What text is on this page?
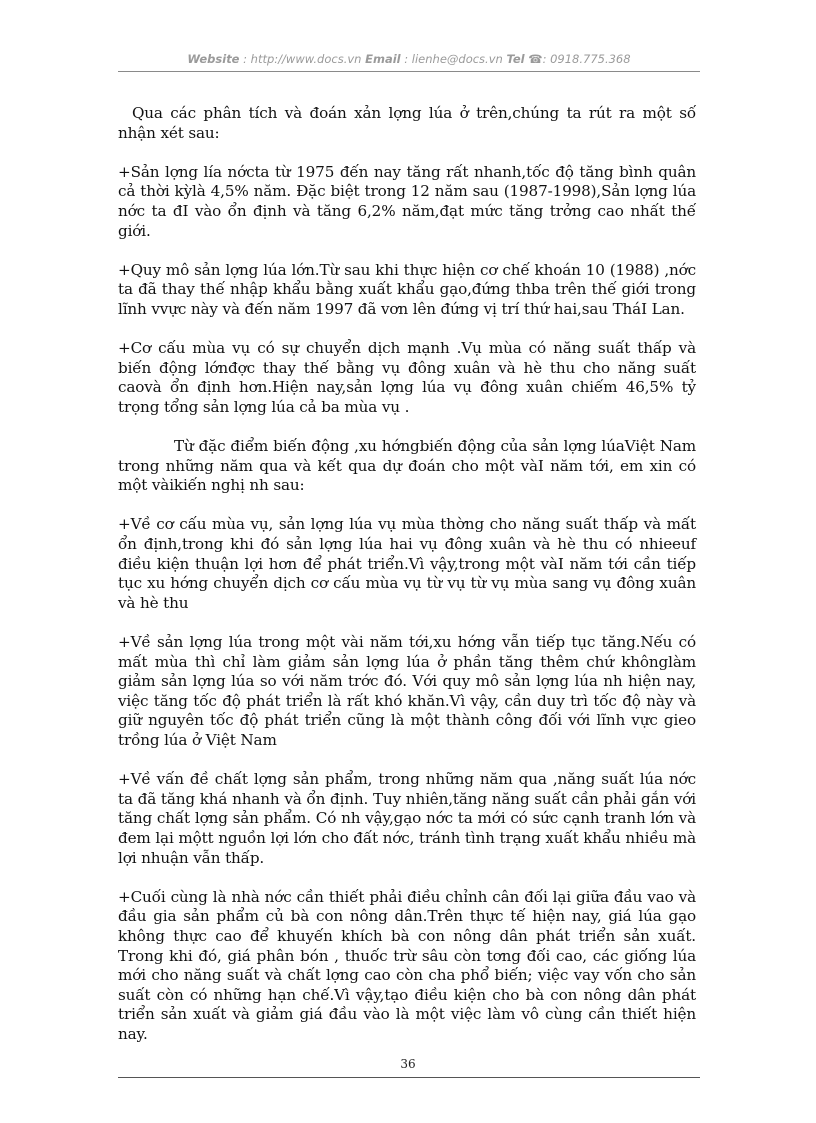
Website : http://www.docs.vn Email : lienhe@docs.vn Tel ☎: 0918.775.368

Qua các phân tích và đoán xản lợng lúa ở trên,chúng ta rút ra một số nhận xét sau:

+Sản lợng lía nớcta từ 1975 đến nay tăng rất nhanh,tốc độ tăng bình quân cả thời kỳlà 4,5% năm. Đặc biệt trong 12 năm sau (1987-1998),Sản lợng lúa nớc ta đI vào ổn định và tăng 6,2% năm,đạt mức tăng trởng cao nhất thế giới.

+Quy mô sản lợng lúa lớn.Từ sau khi thực hiện cơ chế khoán 10 (1988) ,nớc ta đã thay thế nhập khẩu bằng xuất khẩu gạo,đứng thba trên thế giới trong lĩnh vvực này và đến năm 1997 đã vơn lên đứng vị trí thứ hai,sau TháI Lan.

+Cơ cấu mùa vụ có sự chuyển dịch mạnh .Vụ mùa có năng suất thấp và biến động lớnđợc thay thế bằng vụ đông xuân và hè thu cho năng suất caovà ổn định hơn.Hiện nay,sản lợng lúa vụ đông xuân chiếm 46,5% tỷ trọng tổng sản lợng lúa cả ba mùa vụ .

Từ đặc điểm biến động ,xu hớngbiến động của sản lợng lúaViệt Nam trong những năm qua và kết qua dự đoán cho một vàI năm tới, em xin có một vàikiến nghị nh sau:

+Về cơ cấu mùa vụ, sản lợng lúa vụ mùa thờng cho năng suất thấp và mất ổn định,trong khi đó sản lợng lúa hai vụ đông xuân và hè thu có nhieeuf điều kiện thuận lợi hơn để phát triển.Vì vậy,trong một vàI năm tới cần tiếp tục xu hớng chuyển dịch cơ cấu mùa vụ từ vụ từ vụ mùa sang vụ đông xuân và hè thu

+Về sản lợng lúa trong một vài năm tới,xu hớng vẫn tiếp tục tăng.Nếu có mất mùa thì chỉ làm giảm sản lợng lúa ở phần tăng thêm chứ khônglàm giảm sản lợng lúa so với năm trớc đó. Với quy mô sản lợng lúa nh hiện nay, việc tăng tốc độ phát triển là rất khó khăn.Vì vậy, cần duy trì tốc độ này và giữ nguyên tốc độ phát triển cũng là một thành công đối với lĩnh vực gieo trồng lúa ở Việt Nam

+Về vấn đề chất lợng sản phẩm, trong những năm qua ,năng suất lúa nớc ta đã tăng khá nhanh và ổn định. Tuy nhiên,tăng năng suất cần phải gắn với tăng chất lợng sản phẩm. Có nh vậy,gạo nớc ta mới có sức cạnh tranh lớn và đem lại mộtt nguồn lợi lớn cho đất nớc, tránh tình trạng xuất khẩu nhiều mà lợi nhuận vẫn thấp.

+Cuối cùng là nhà nớc cần thiết phải điều chỉnh cân đối lại giữa đầu vao và đầu gia sản phẩm củ bà con nông dân.Trên thực tế hiện nay, giá lúa gạo không thực cao để khuyến khích bà con nông dân phát triển sản xuất. Trong khi đó, giá phân bón , thuốc trừ sâu còn tơng đối cao, các giống lúa mới cho năng suất và chất lợng cao còn cha phổ biến; việc vay vốn cho sản suất còn có những hạn chế.Vì vậy,tạo điều kiện cho bà con nông dân phát triển sản xuất và giảm giá đầu vào là một việc làm vô cùng cần thiết hiện nay.

36
